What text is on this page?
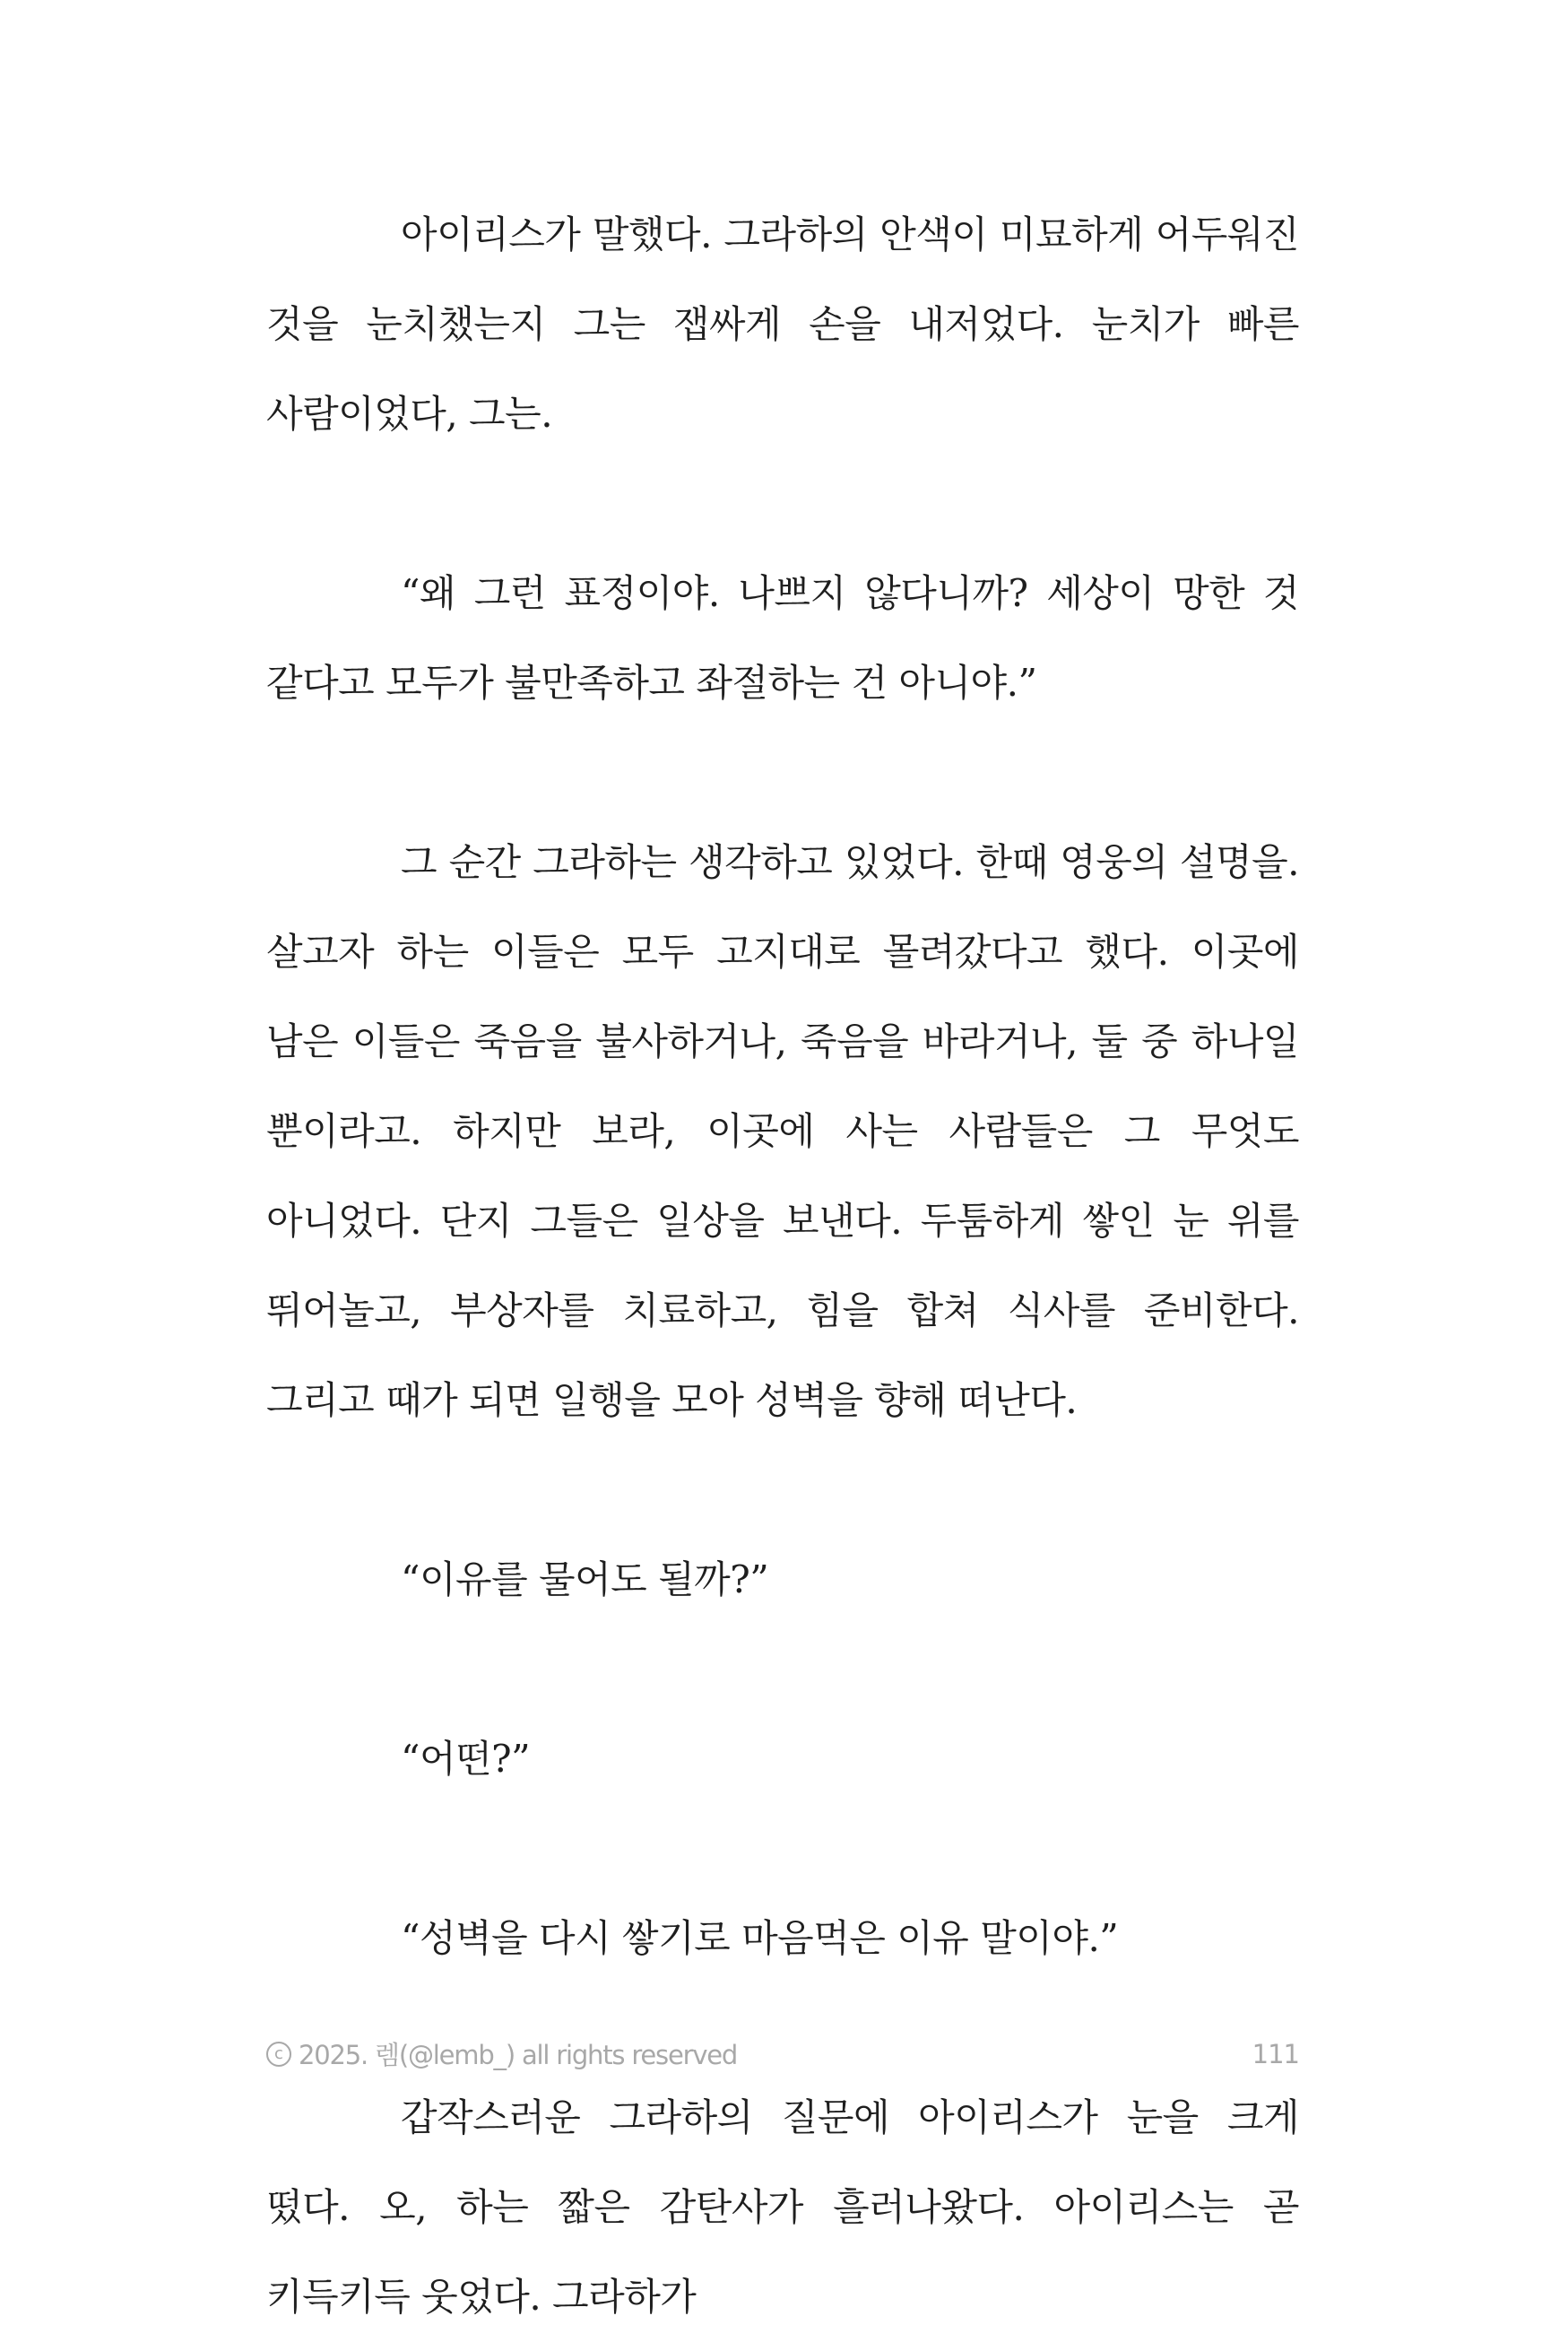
아이리스가 말했다. 그라하의 안색이 미묘하게 어두워진 것을 눈치챘는지 그는 잽싸게 손을 내저었다. 눈치가 빠른 사람이었다, 그는.

“왜 그런 표정이야. 나쁘지 않다니까? 세상이 망한 것 같다고 모두가 불만족하고 좌절하는 건 아니야.”

그 순간 그라하는 생각하고 있었다. 한때 영웅의 설명을. 살고자 하는 이들은 모두 고지대로 몰려갔다고 했다. 이곳에 남은 이들은 죽음을 불사하거나, 죽음을 바라거나, 둘 중 하나일 뿐이라고. 하지만 보라, 이곳에 사는 사람들은 그 무엇도 아니었다. 단지 그들은 일상을 보낸다. 두툼하게 쌓인 눈 위를 뛰어놀고, 부상자를 치료하고, 힘을 합쳐 식사를 준비한다. 그리고 때가 되면 일행을 모아 성벽을 향해 떠난다.

“이유를 물어도 될까?”

“어떤?”

“성벽을 다시 쌓기로 마음먹은 이유 말이야.”

갑작스러운 그라하의 질문에 아이리스가 눈을 크게 떴다. 오, 하는 짧은 감탄사가 흘러나왔다. 아이리스는 곧 키득키득 웃었다. 그라하가

c 2025. 렘(@lemb_) all rights reserved	111
